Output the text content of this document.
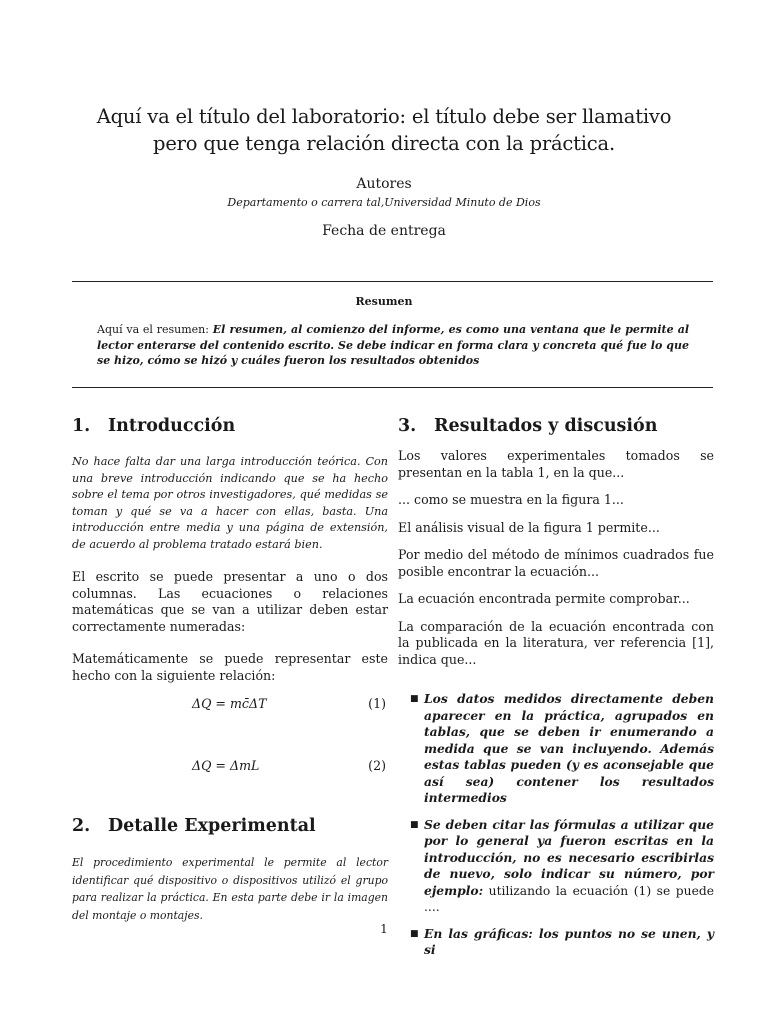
Aquí va el título del laboratorio: el título debe ser llamativo pero que tenga relación directa con la práctica.
Autores
Departamento o carrera tal,Universidad Minuto de Dios
Fecha de entrega
Resumen
Aquí va el resumen: El resumen, al comienzo del informe, es como una ventana que le permite al lector enterarse del contenido escrito. Se debe indicar en forma clara y concreta qué fue lo que se hizo, cómo se hizó y cuáles fueron los resultados obtenidos
1. Introducción

No hace falta dar una larga introducción teórica. Con una breve introducción indicando que se ha hecho sobre el tema por otros investigadores, qué medidas se toman y qué se va a hacer con ellas, basta. Una introducción entre media y una página de extensión, de acuerdo al problema tratado estará bien.

El escrito se puede presentar a uno o dos columnas. Las ecuaciones o relaciones matemáticas que se van a utilizar deben estar correctamente numeradas:

Matemáticamente se puede representar este hecho con la siguiente relación:

ΔQ = mc̄ΔT	(1)
ΔQ = ΔmL	(2)
2. Detalle Experimental

El procedimiento experimental le permite al lector identificar qué dispositivo o dispositivos utilizó el grupo para realizar la práctica. En esta parte debe ir la imagen del montaje o montajes.

3. Resultados y discusión

Los valores experimentales tomados se presentan en la tabla 1, en la que...

... como se muestra en la figura 1...

El análisis visual de la figura 1 permite...

Por medio del método de mínimos cuadrados fue posible encontrar la ecuación...

La ecuación encontrada permite comprobar...

La comparación de la ecuación encontrada con la publicada en la literatura, ver referencia [1], indica que...

■ Los datos medidos directamente deben aparecer en la práctica, agrupados en tablas, que se deben ir enumerando a medida que se van incluyendo. Además estas tablas pueden (y es aconsejable que así sea) contener los resultados intermedios
■ Se deben citar las fórmulas a utilizar que por lo general ya fueron escritas en la introducción, no es necesario escribirlas de nuevo, solo indicar su número, por ejemplo: utilizando la ecuación (1) se puede ....
■ En las gráficas: los puntos no se unen, y si
1
